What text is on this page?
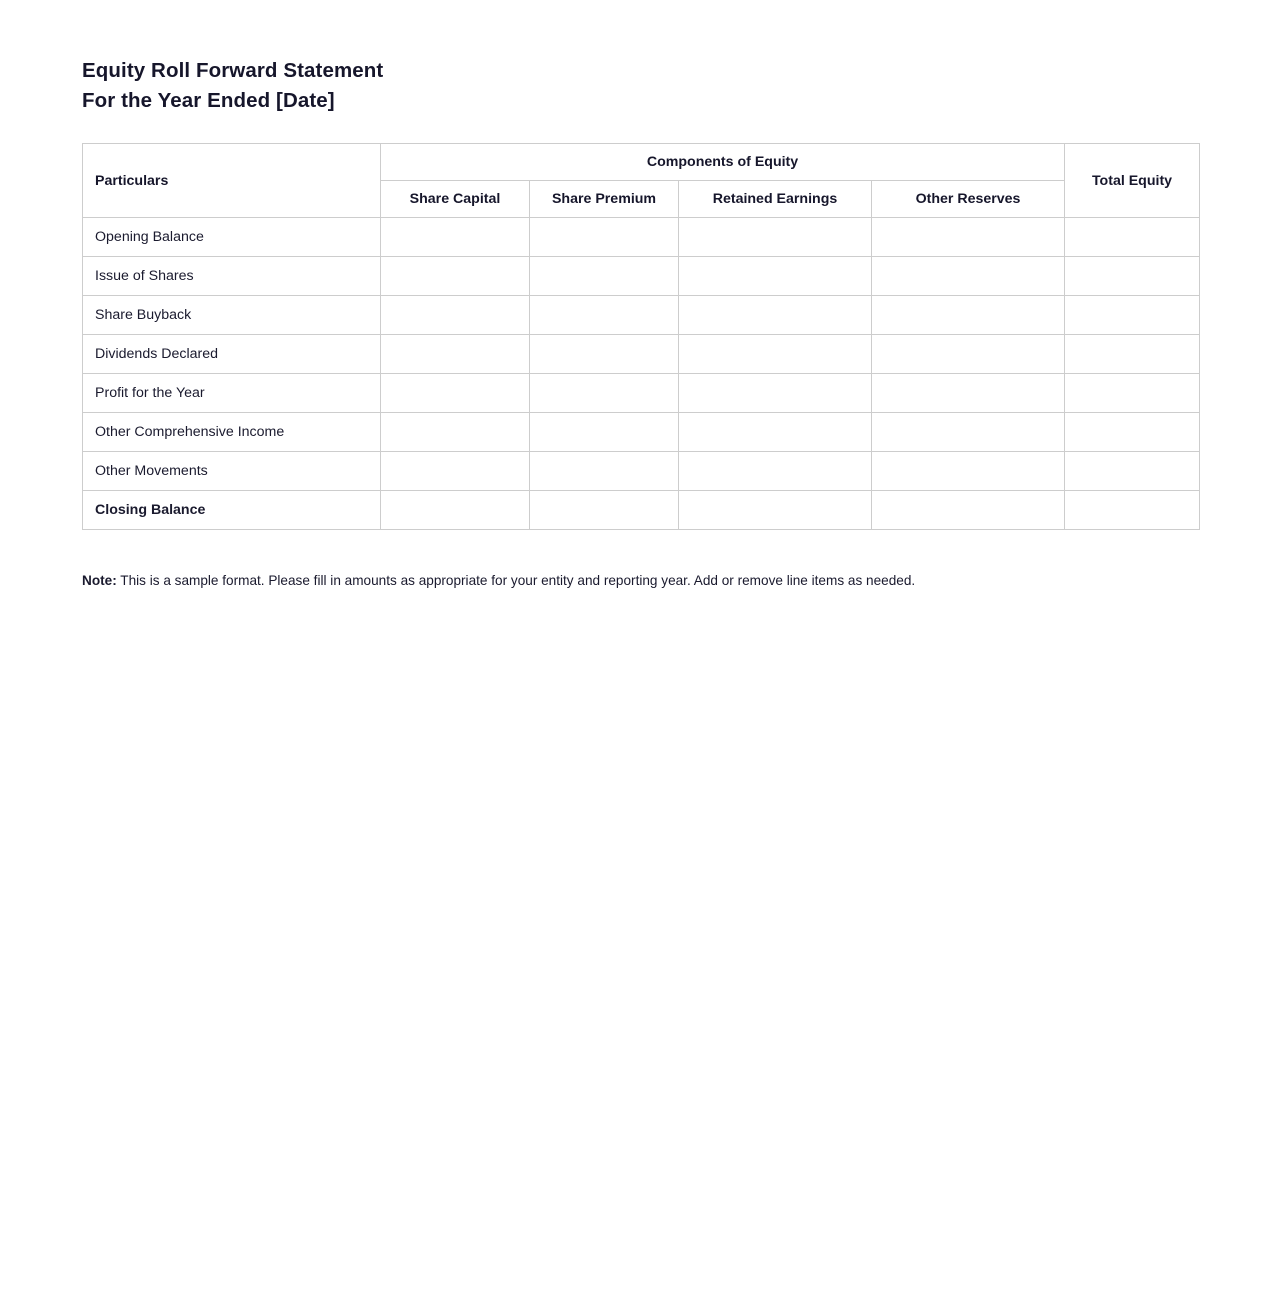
Equity Roll Forward Statement
For the Year Ended [Date]
Particulars	Components of Equity				Total Equity
	Share Capital	Share Premium	Retained Earnings	Other Reserves	
Opening Balance					
Issue of Shares					
Share Buyback					
Dividends Declared					
Profit for the Year					
Other Comprehensive Income					
Other Movements					
Closing Balance					

Note: This is a sample format. Please fill in amounts as appropriate for your entity and reporting year. Add or remove line items as needed.
